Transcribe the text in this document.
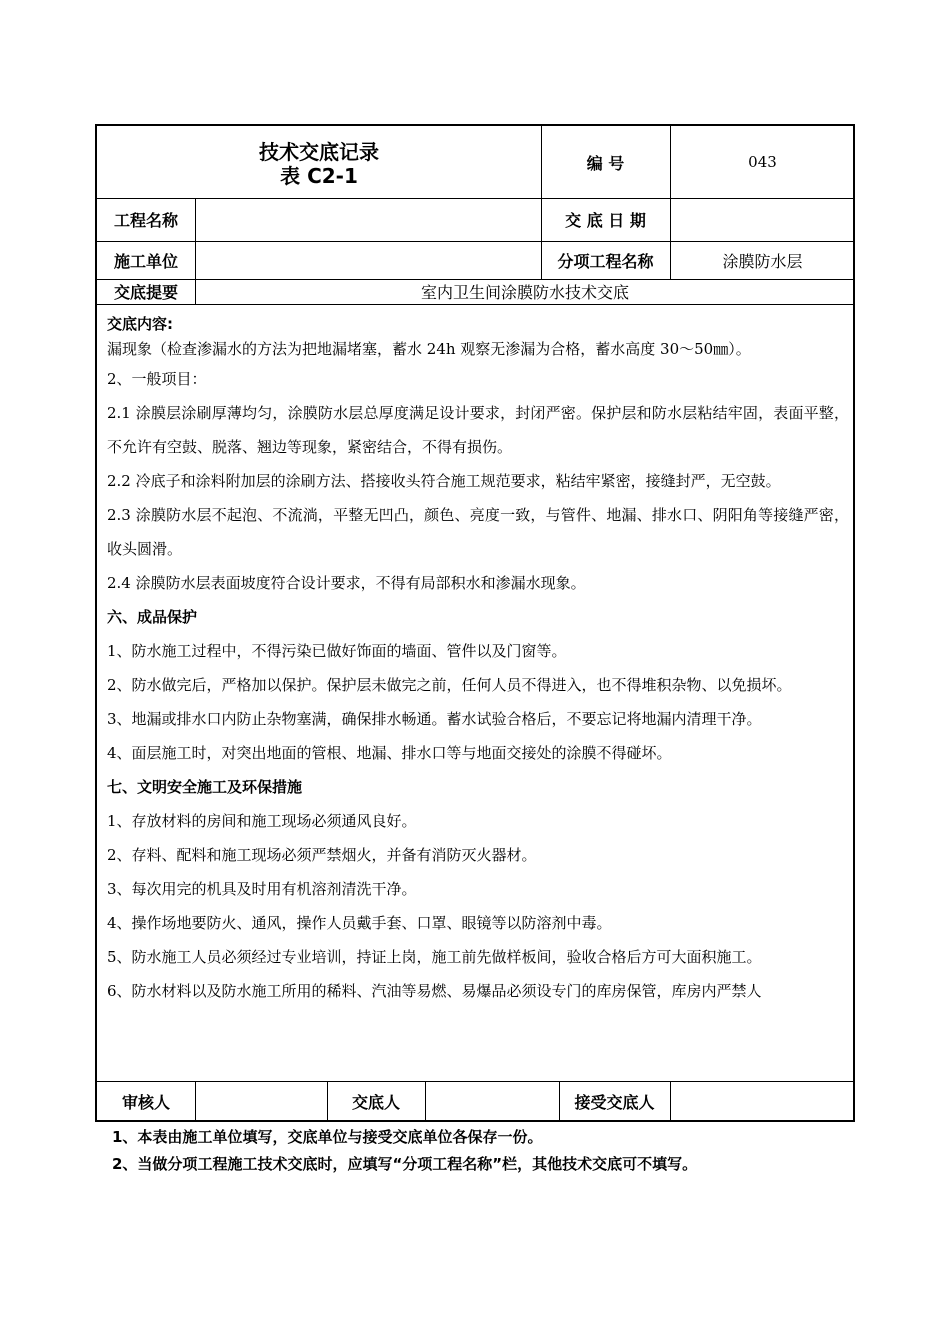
技术交底记录
表 C2-1
编 号	043
工程名称	交 底 日 期
施工单位	分项工程名称	涂膜防水层
交底提要	室内卫生间涂膜防水技术交底

交底内容:

漏现象（检查渗漏水的方法为把地漏堵塞，蓄水 24h 观察无渗漏为合格，蓄水高度 30～50㎜）。

2、一般项目：

2.1 涂膜层涂刷厚薄均匀，涂膜防水层总厚度满足设计要求，封闭严密。保护层和防水层粘结牢固，表面平整，不允许有空鼓、脱落、翘边等现象，紧密结合，不得有损伤。

2.2 冷底子和涂料附加层的涂刷方法、搭接收头符合施工规范要求，粘结牢紧密，接缝封严，无空鼓。

2.3 涂膜防水层不起泡、不流淌，平整无凹凸，颜色、亮度一致，与管件、地漏、排水口、阴阳角等接缝严密，收头圆滑。

2.4 涂膜防水层表面坡度符合设计要求，不得有局部积水和渗漏水现象。

六、成品保护

1、防水施工过程中，不得污染已做好饰面的墙面、管件以及门窗等。

2、防水做完后，严格加以保护。保护层未做完之前，任何人员不得进入，也不得堆积杂物、以免损坏。

3、地漏或排水口内防止杂物塞满，确保排水畅通。蓄水试验合格后，不要忘记将地漏内清理干净。

4、面层施工时，对突出地面的管根、地漏、排水口等与地面交接处的涂膜不得碰坏。

七、文明安全施工及环保措施

1、存放材料的房间和施工现场必须通风良好。

2、存料、配料和施工现场必须严禁烟火，并备有消防灭火器材。

3、每次用完的机具及时用有机溶剂清洗干净。

4、操作场地要防火、通风，操作人员戴手套、口罩、眼镜等以防溶剂中毒。

5、防水施工人员必须经过专业培训，持证上岗，施工前先做样板间，验收合格后方可大面积施工。

6、防水材料以及防水施工所用的稀料、汽油等易燃、易爆品必须设专门的库房保管，库房内严禁人

审核人	交底人	接受交底人

1、本表由施工单位填写，交底单位与接受交底单位各保存一份。

2、当做分项工程施工技术交底时，应填写“分项工程名称”栏，其他技术交底可不填写。
